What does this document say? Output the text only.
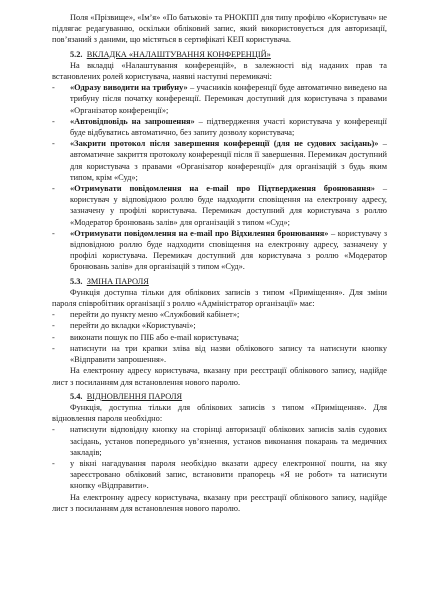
Поля «Прізвище», «Ім’я» «По батькові» та РНОКПП для типу профілю «Користувач» не підлягає редагуванню, оскільки обліковий запис, який використовується для авторизації, пов’язаний з даними, що містяться в сертифікаті КЕП користувача.

5.2. ВКЛАДКА «НАЛАШТУВАННЯ КОНФЕРЕНЦІЙ»

На вкладці «Налаштування конференцій», в залежності від наданих прав та встановлених ролей користувача, наявні наступні перемикачі:

-	«Одразу виводити на трибуну» – учасників конференції буде автоматично виведено на трибуну після початку конференції. Перемикач доступний для користувача з правами «Організатор конференції»;
-	«Автовідповідь на запрошення» – підтвердження участі користувача у конференції буде відбуватись автоматично, без запиту дозволу користувача;
-	«Закрити протокол після завершення конференції (для не судових засідань)» – автоматичне закриття протоколу конференції після її завершення. Перемикач доступний для користувача з правами «Організатор конференції» для організацій з будь яким типом, крім «Суд»;
-	«Отримувати повідомлення на e-mail про Підтвердження бронювання» – користувач у відповідною роллю буде надходити сповіщення на електронну адресу, зазначену у профілі користувача. Перемикач доступний для користувача з роллю «Модератор бронювань залів» для організацій з типом «Суд»;
-	«Отримувати повідомлення на e-mail про Відхилення бронювання» – користувачу з відповідною роллю буде надходити сповіщення на електронну адресу, зазначену у профілі користувача. Перемикач доступний для користувача з роллю «Модератор бронювань залів» для організацій з типом «Суд».

5.3. ЗМІНА ПАРОЛЯ

Функція доступна тільки для облікових записів з типом «Приміщення». Для зміни пароля співробітник організації з роллю «Адміністратор організації» має:

-	перейти до пункту меню «Службовий кабінет»;
-	перейти до вкладки «Користувачі»;
-	виконати пошук по ПІБ або e-mail користувача;
-	натиснути на три крапки зліва від назви облікового запису та натиснути кнопку «Відправити запрошення».

На електронну адресу користувача, вказану при реєстрації облікового запису, надійде лист з посиланням для встановлення нового паролю.

5.4. ВІДНОВЛЕННЯ ПАРОЛЯ

Функція, доступна тільки для облікових записів з типом «Приміщення». Для відновлення пароля необхідно:

-	натиснути відповідну кнопку на сторінці авторизації облікових записів залів судових засідань, установ попереднього ув’язнення, установ виконання покарань та медичних закладів;
-	у вікні нагадування пароля необхідно вказати адресу електронної пошти, на яку зареєстровано обліковий запис, встановити прапорець «Я не робот» та натиснути кнопку «Відправити».

На електронну адресу користувача, вказану при реєстрації облікового запису, надійде лист з посиланням для встановлення нового паролю.
